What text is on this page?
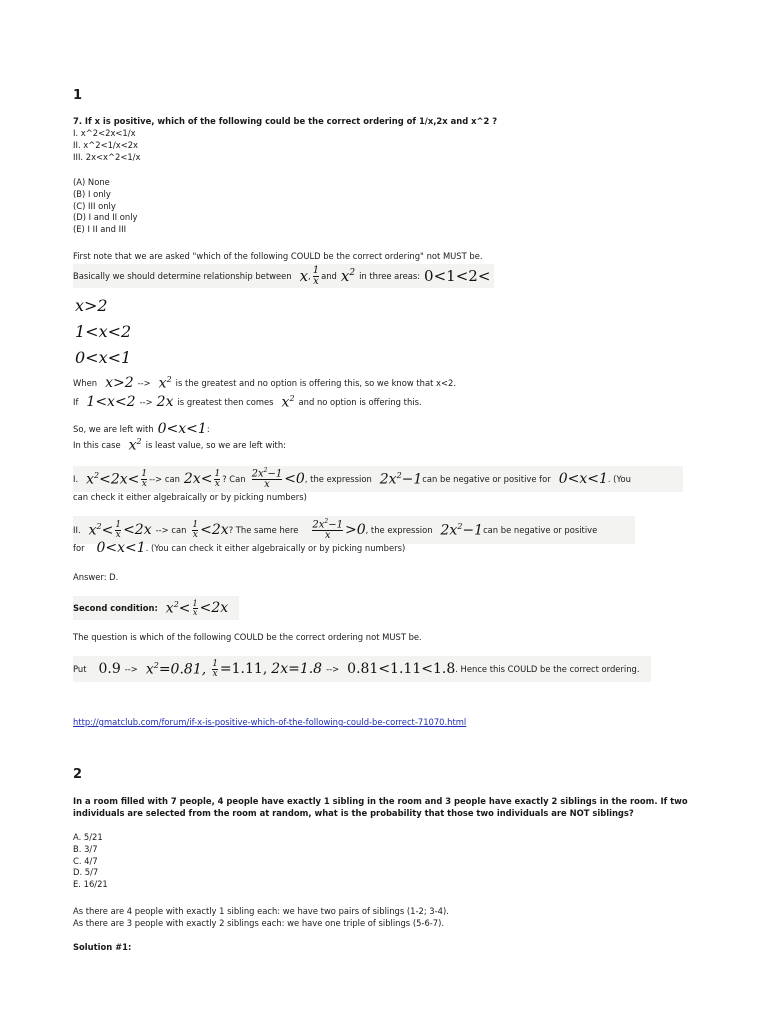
1
7. If x is positive, which of the following could be the correct ordering of 1/x,2x and x^2 ?
I. x^2<2x<1/x
II. x^2<1/x<2x
III. 2x<x^2<1/x
(A) None
(B) I only
(C) III only
(D) I and II only
(E) I II and III
First note that we are asked "which of the following COULD be the correct ordering" not MUST be.
Basically we should determine relationship between x , $\frac{1}{x}$ and $x^2$ in three areas: 0<1<2<
x>2
1<x<2
0<x<1
When x>2 --> $x^2$ is the greatest and no option is offering this, so we know that x<2.
If 1<x<2 --> 2x is greatest then comes $x^2$ and no option is offering this.
So, we are left with 0<x<1 :
In this case $x^2$ is least value, so we are left with:
I. $x^2<2x< \frac{1}{x}$ --> can $2x< \frac{1}{x}$ ? Can $\frac{2x^2-1}{x} <0$ , the expression $2x^2-1$ can be negative or positive for 0<x<1 . (You
can check it either algebraically or by picking numbers)
II. $x^2< \frac{1}{x} <2x$ --> can $\frac{1}{x} <2x$ ? The same here $\frac{2x^2-1}{x} >0$ , the expression $2x^2-1$ can be negative or positive
for 0<x<1 . (You can check it either algebraically or by picking numbers)
Answer: D.
Second condition: $x^2< \frac{1}{x} <2x$
The question is which of the following COULD be the correct ordering not MUST be.
Put 0.9 --> $x^2=0.81$, $\frac{1}{x} =1.11$, 2x=1.8 --> 0.81<1.11<1.8 . Hence this COULD be the correct ordering.
http://gmatclub.com/forum/if-x-is-positive-which-of-the-following-could-be-correct-71070.html
2
In a room filled with 7 people, 4 people have exactly 1 sibling in the room and 3 people have exactly 2 siblings in the room. If two
individuals are selected from the room at random, what is the probability that those two individuals are NOT siblings?
A. 5/21
B. 3/7
C. 4/7
D. 5/7
E. 16/21
As there are 4 people with exactly 1 sibling each: we have two pairs of siblings (1-2; 3-4).
As there are 3 people with exactly 2 siblings each: we have one triple of siblings (5-6-7).
Solution #1:
